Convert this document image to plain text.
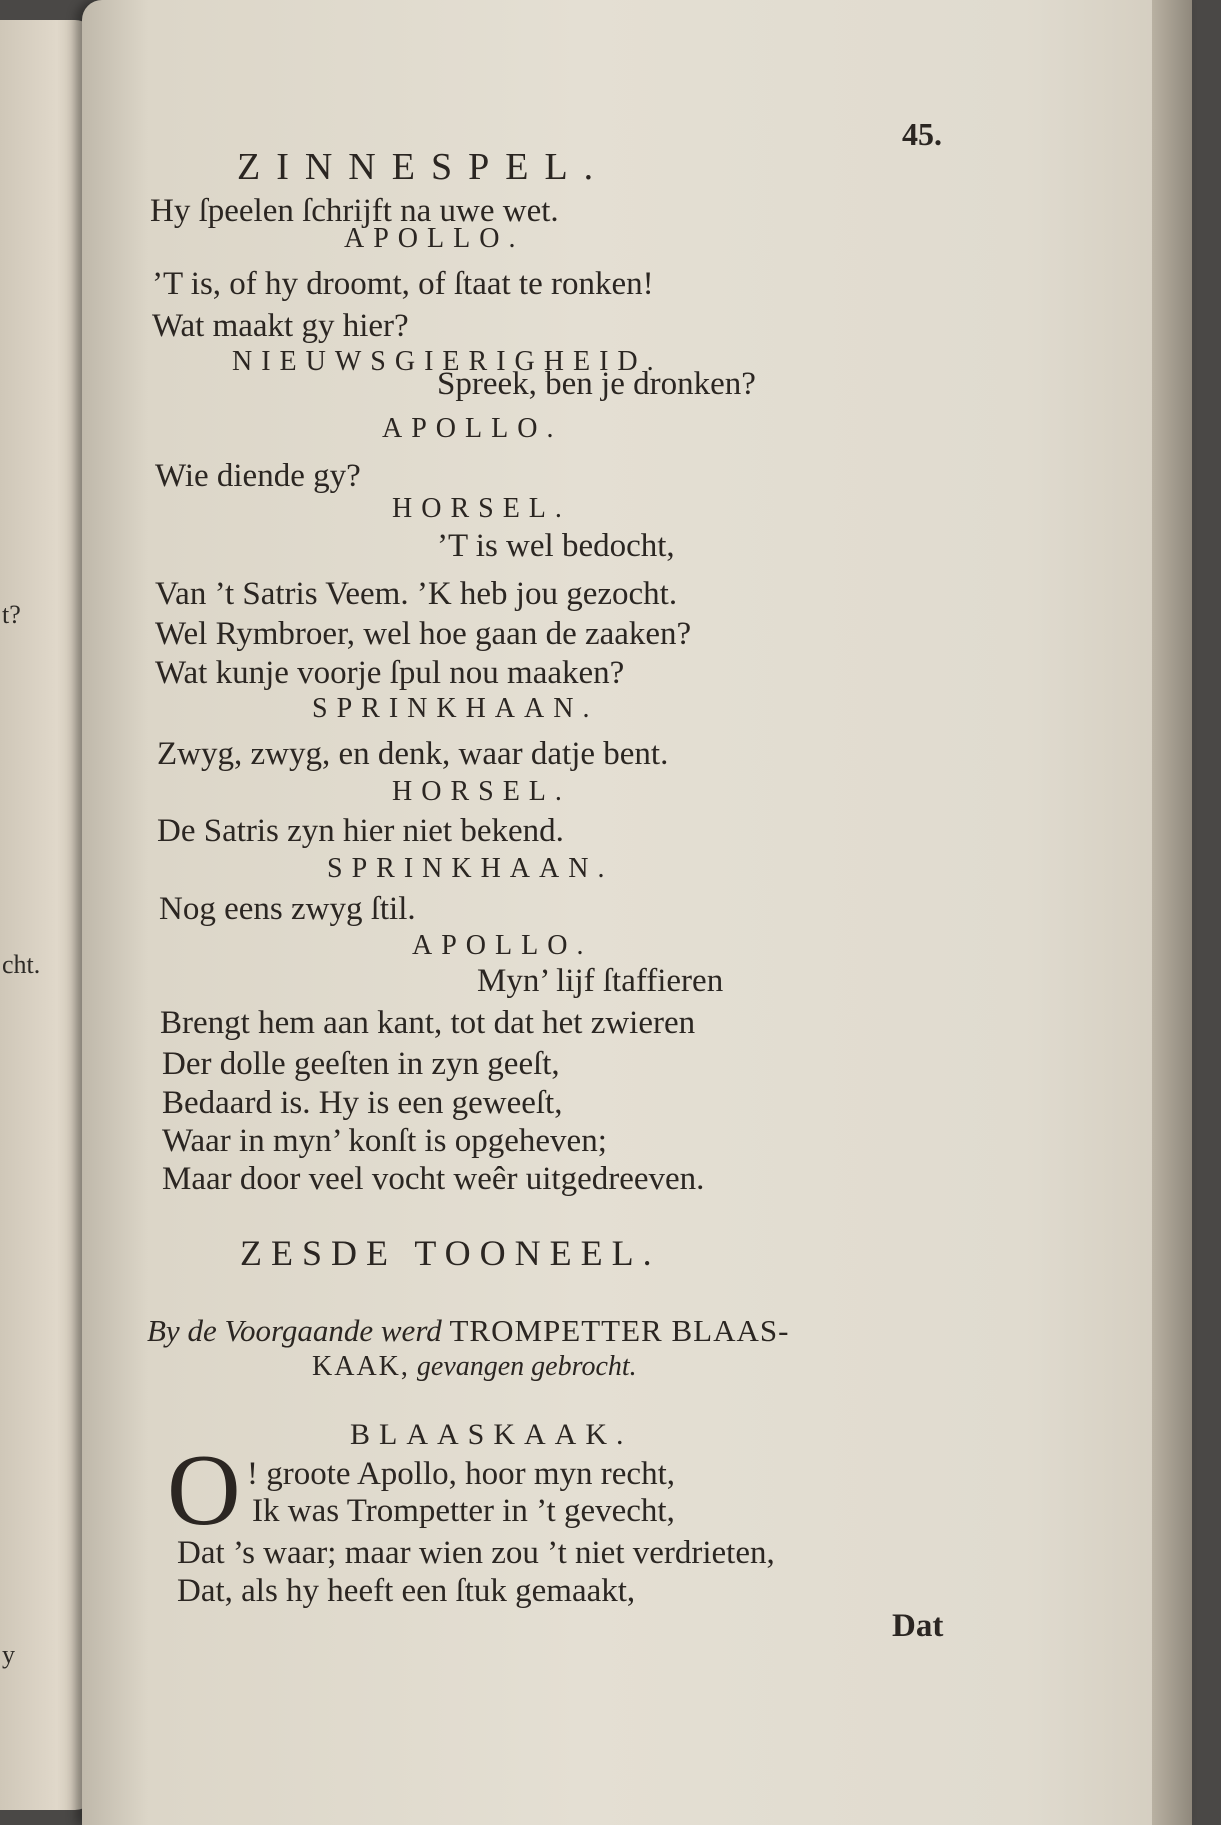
t?
cht.
y

ZINNESPEL.

45.

Hy ſpeelen ſchrijft na uwe wet.

APOLLO.

’T is, of hy droomt, of ſtaat te ronken!

Wat maakt gy hier?

NIEUWSGIERIGHEID.

Spreek, ben je dronken?

APOLLO.

Wie diende gy?

HORSEL.

’T is wel bedocht,

Van ’t Satris Veem. ’K heb jou gezocht.

Wel Rymbroer, wel hoe gaan de zaaken?

Wat kunje voorje ſpul nou maaken?

SPRINKHAAN.

Zwyg, zwyg, en denk, waar datje bent.

HORSEL.

De Satris zyn hier niet bekend.

SPRINKHAAN.

Nog eens zwyg ſtil.

APOLLO.

Myn’ lijf ſtaffieren

Brengt hem aan kant, tot dat het zwieren

Der dolle geeſten in zyn geeſt,

Bedaard is. Hy is een geweeſt,

Waar in myn’ konſt is opgeheven;

Maar door veel vocht weêr uitgedreeven.

ZESDE TOONEEL.

By de Voorgaande werd TROMPETTER BLAAS-

KAAK, gevangen gebrocht.

BLAASKAAK.

O ! groote Apollo, hoor myn recht,

Ik was Trompetter in ’t gevecht,

Dat ’s waar; maar wien zou ’t niet verdrieten,

Dat, als hy heeft een ſtuk gemaakt,

Dat
